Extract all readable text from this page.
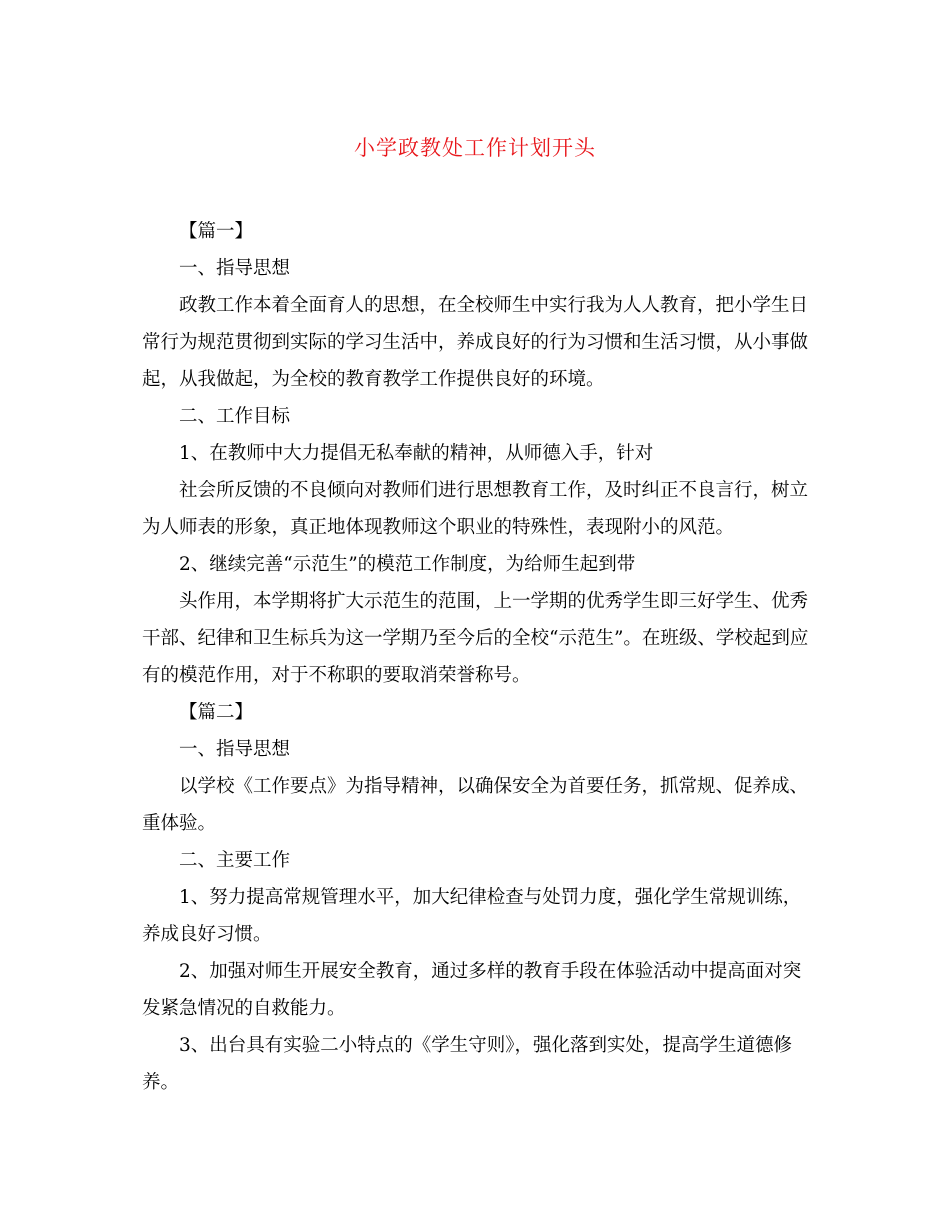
小学政教处工作计划开头
【篇一】
一、指导思想
政教工作本着全面育人的思想，在全校师生中实行我为人人教育，把小学生日
常行为规范贯彻到实际的学习生活中，养成良好的行为习惯和生活习惯，从小事做
起，从我做起，为全校的教育教学工作提供良好的环境。
二、工作目标
1、在教师中大力提倡无私奉献的精神，从师德入手，针对
社会所反馈的不良倾向对教师们进行思想教育工作，及时纠正不良言行，树立
为人师表的形象，真正地体现教师这个职业的特殊性，表现附小的风范。
2、继续完善“示范生”的模范工作制度，为给师生起到带
头作用，本学期将扩大示范生的范围，上一学期的优秀学生即三好学生、优秀
干部、纪律和卫生标兵为这一学期乃至今后的全校“示范生”。在班级、学校起到应
有的模范作用，对于不称职的要取消荣誉称号。
【篇二】
一、指导思想
以学校《工作要点》为指导精神，以确保安全为首要任务，抓常规、促养成、
重体验。
二、主要工作
1、努力提高常规管理水平，加大纪律检查与处罚力度，强化学生常规训练，
养成良好习惯。
2、加强对师生开展安全教育，通过多样的教育手段在体验活动中提高面对突
发紧急情况的自救能力。
3、出台具有实验二小特点的《学生守则》，强化落到实处，提高学生道德修
养。
